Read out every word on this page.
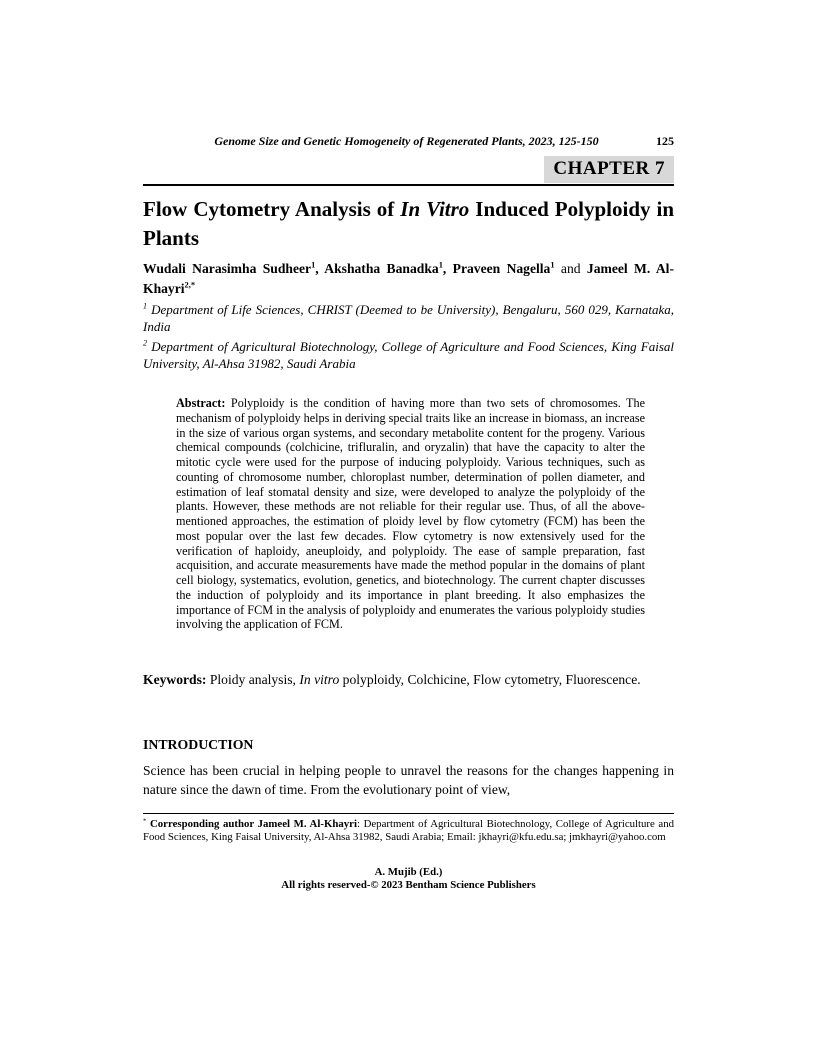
Genome Size and Genetic Homogeneity of Regenerated Plants, 2023, 125-150	125
CHAPTER 7
Flow Cytometry Analysis of In Vitro Induced Polyploidy in Plants
Wudali Narasimha Sudheer$^1$, Akshatha Banadka$^1$, Praveen Nagella$^1$ and Jameel M. Al-Khayri$^{2,*}$

$^1$ Department of Life Sciences, CHRIST (Deemed to be University), Bengaluru, 560 029, Karnataka, India

$^2$ Department of Agricultural Biotechnology, College of Agriculture and Food Sciences, King Faisal University, Al-Ahsa 31982, Saudi Arabia

Abstract: Polyploidy is the condition of having more than two sets of chromosomes. The mechanism of polyploidy helps in deriving special traits like an increase in biomass, an increase in the size of various organ systems, and secondary metabolite content for the progeny. Various chemical compounds (colchicine, trifluralin, and oryzalin) that have the capacity to alter the mitotic cycle were used for the purpose of inducing polyploidy. Various techniques, such as counting of chromosome number, chloroplast number, determination of pollen diameter, and estimation of leaf stomatal density and size, were developed to analyze the polyploidy of the plants. However, these methods are not reliable for their regular use. Thus, of all the above-mentioned approaches, the estimation of ploidy level by flow cytometry (FCM) has been the most popular over the last few decades. Flow cytometry is now extensively used for the verification of haploidy, aneuploidy, and polyploidy. The ease of sample preparation, fast acquisition, and accurate measurements have made the method popular in the domains of plant cell biology, systematics, evolution, genetics, and biotechnology. The current chapter discusses the induction of polyploidy and its importance in plant breeding. It also emphasizes the importance of FCM in the analysis of polyploidy and enumerates the various polyploidy studies involving the application of FCM.
Keywords: Ploidy analysis, In vitro polyploidy, Colchicine, Flow cytometry, Fluorescence.
INTRODUCTION
Science has been crucial in helping people to unravel the reasons for the changes happening in nature since the dawn of time. From the evolutionary point of view,
* Corresponding author Jameel M. Al-Khayri: Department of Agricultural Biotechnology, College of Agriculture and Food Sciences, King Faisal University, Al-Ahsa 31982, Saudi Arabia; Email: jkhayri@kfu.edu.sa; jmkhayri@yahoo.com
A. Mujib (Ed.)
All rights reserved-© 2023 Bentham Science Publishers
